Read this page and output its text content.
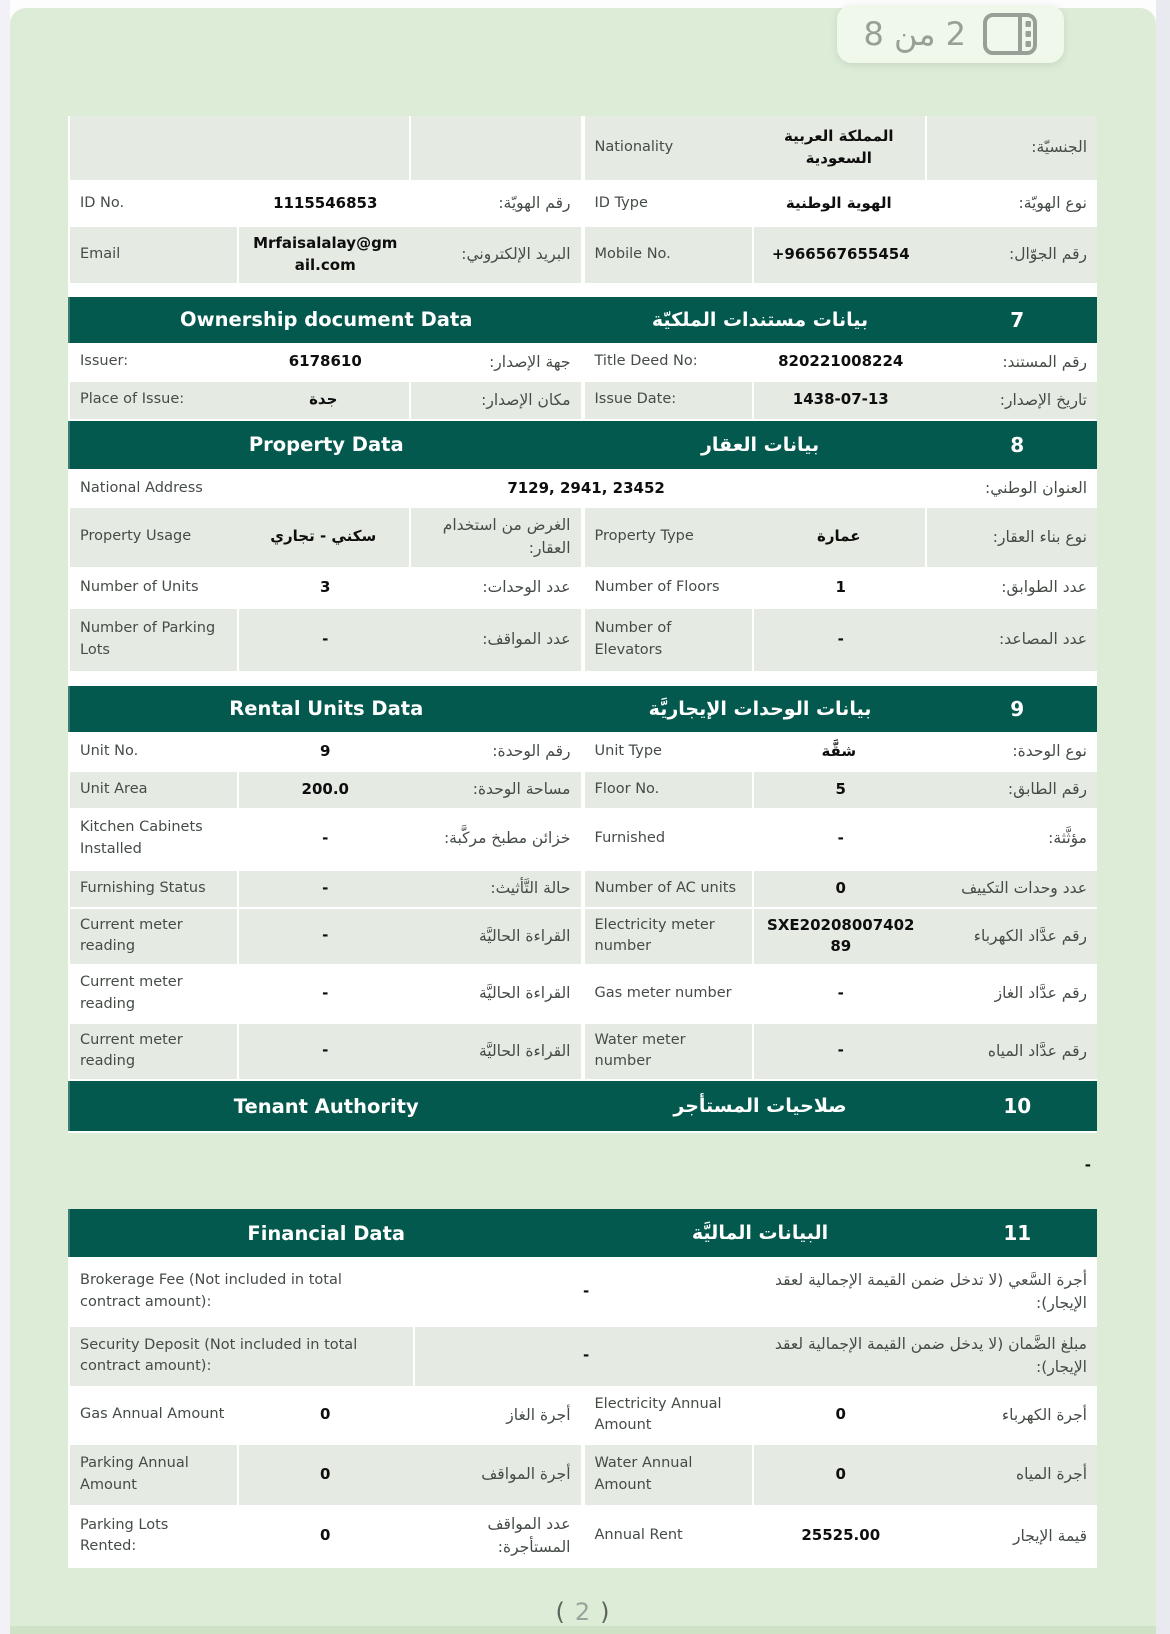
2 من 8
الجنسيّة:
المملكة العربية السعودية
Nationality
نوع الهويّة:
الهوية الوطنية
ID Type
رقم الهويّة:
1115546853
ID No.
رقم الجوّال:
+966567655454
Mobile No.
البريد الإلكتروني:
Mrfaisalalay@gmail.com
Email
7
بيانات مستندات الملكيّة
Ownership document Data
رقم المستند:
820221008224
Title Deed No:
جهة الإصدار:
6178610
Issuer:
تاريخ الإصدار:
1438-07-13
Issue Date:
مكان الإصدار:
جدة
Place of Issue:
8
بيانات العقار
Property Data
العنوان الوطني:
7129, 2941, 23452
National Address
نوع بناء العقار:
عمارة
Property Type
الغرض من استخدام العقار:
سكني - تجاري
Property Usage
عدد الطوابق:
1
Number of Floors
عدد الوحدات:
3
Number of Units
عدد المصاعد:
-
Number of Elevators
عدد المواقف:
-
Number of Parking Lots
9
بيانات الوحدات الإيجاريَّة
Rental Units Data
نوع الوحدة:
شقَّة
Unit Type
رقم الوحدة:
9
Unit No.
رقم الطابق:
5
Floor No.
مساحة الوحدة:
200.0
Unit Area
مؤثَّثة:
-
Furnished
خزائن مطبخ مركَّبة:
-
Kitchen Cabinets Installed
عدد وحدات التكييف
0
Number of AC units
حالة التَّأثيث:
-
Furnishing Status
رقم عدَّاد الكهرباء
SXE2020800740289
Electricity meter number
القراءة الحاليَّة
-
Current meter reading
رقم عدَّاد الغاز
-
Gas meter number
القراءة الحاليَّة
-
Current meter reading
رقم عدَّاد المياه
-
Water meter number
القراءة الحاليَّة
-
Current meter reading
10
صلاحيات المستأجر
Tenant Authority
-
11
البيانات الماليَّة
Financial Data
أجرة السَّعي (لا تدخل ضمن القيمة الإجمالية لعقد الإيجار):
-
Brokerage Fee (Not included in total contract amount):
مبلغ الضَّمان (لا يدخل ضمن القيمة الإجمالية لعقد الإيجار):
-
Security Deposit (Not included in total contract amount):
أجرة الكهرباء
0
Electricity Annual Amount
أجرة الغاز
0
Gas Annual Amount
أجرة المياه
0
Water Annual Amount
أجرة المواقف
0
Parking Annual Amount
قيمة الإيجار
25525.00
Annual Rent
عدد المواقف المستأجرة:
0
Parking Lots Rented:
( 2 )
